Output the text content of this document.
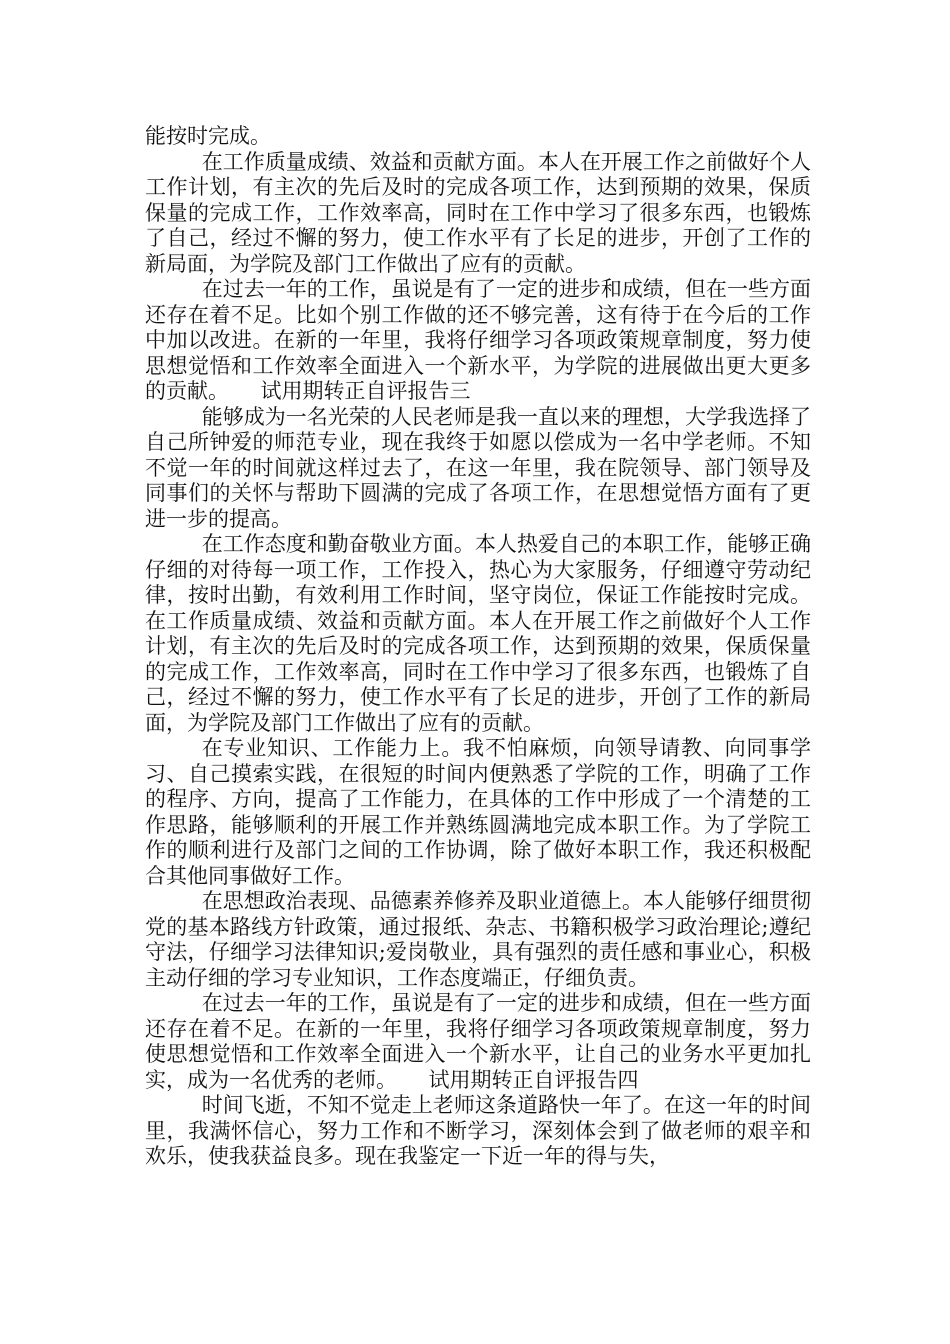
能按时完成。

在工作质量成绩、效益和贡献方面。本人在开展工作之前做好个人工作计划，有主次的先后及时的完成各项工作，达到预期的效果，保质保量的完成工作，工作效率高，同时在工作中学习了很多东西，也锻炼了自己，经过不懈的努力，使工作水平有了长足的进步，开创了工作的新局面，为学院及部门工作做出了应有的贡献。

在过去一年的工作，虽说是有了一定的进步和成绩，但在一些方面还存在着不足。比如个别工作做的还不够完善，这有待于在今后的工作中加以改进。在新的一年里，我将仔细学习各项政策规章制度，努力使思想觉悟和工作效率全面进入一个新水平，为学院的进展做出更大更多的贡献。　　试用期转正自评报告三

能够成为一名光荣的人民老师是我一直以来的理想，大学我选择了自己所钟爱的师范专业，现在我终于如愿以偿成为一名中学老师。不知不觉一年的时间就这样过去了，在这一年里，我在院领导、部门领导及同事们的关怀与帮助下圆满的完成了各项工作，在思想觉悟方面有了更进一步的提高。

在工作态度和勤奋敬业方面。本人热爱自己的本职工作，能够正确仔细的对待每一项工作，工作投入，热心为大家服务，仔细遵守劳动纪律，按时出勤，有效利用工作时间，坚守岗位，保证工作能按时完成。在工作质量成绩、效益和贡献方面。本人在开展工作之前做好个人工作计划，有主次的先后及时的完成各项工作，达到预期的效果，保质保量的完成工作，工作效率高，同时在工作中学习了很多东西，也锻炼了自己，经过不懈的努力，使工作水平有了长足的进步，开创了工作的新局面，为学院及部门工作做出了应有的贡献。

在专业知识、工作能力上。我不怕麻烦，向领导请教、向同事学习、自己摸索实践，在很短的时间内便熟悉了学院的工作，明确了工作的程序、方向，提高了工作能力，在具体的工作中形成了一个清楚的工作思路，能够顺利的开展工作并熟练圆满地完成本职工作。为了学院工作的顺利进行及部门之间的工作协调，除了做好本职工作，我还积极配合其他同事做好工作。

在思想政治表现、品德素养修养及职业道德上。本人能够仔细贯彻党的基本路线方针政策，通过报纸、杂志、书籍积极学习政治理论;遵纪守法，仔细学习法律知识;爱岗敬业，具有强烈的责任感和事业心，积极主动仔细的学习专业知识，工作态度端正，仔细负责。

在过去一年的工作，虽说是有了一定的进步和成绩，但在一些方面还存在着不足。在新的一年里，我将仔细学习各项政策规章制度，努力使思想觉悟和工作效率全面进入一个新水平，让自己的业务水平更加扎实，成为一名优秀的老师。　　试用期转正自评报告四

时间飞逝，不知不觉走上老师这条道路快一年了。在这一年的时间里，我满怀信心，努力工作和不断学习，深刻体会到了做老师的艰辛和欢乐，使我获益良多。现在我鉴定一下近一年的得与失，
